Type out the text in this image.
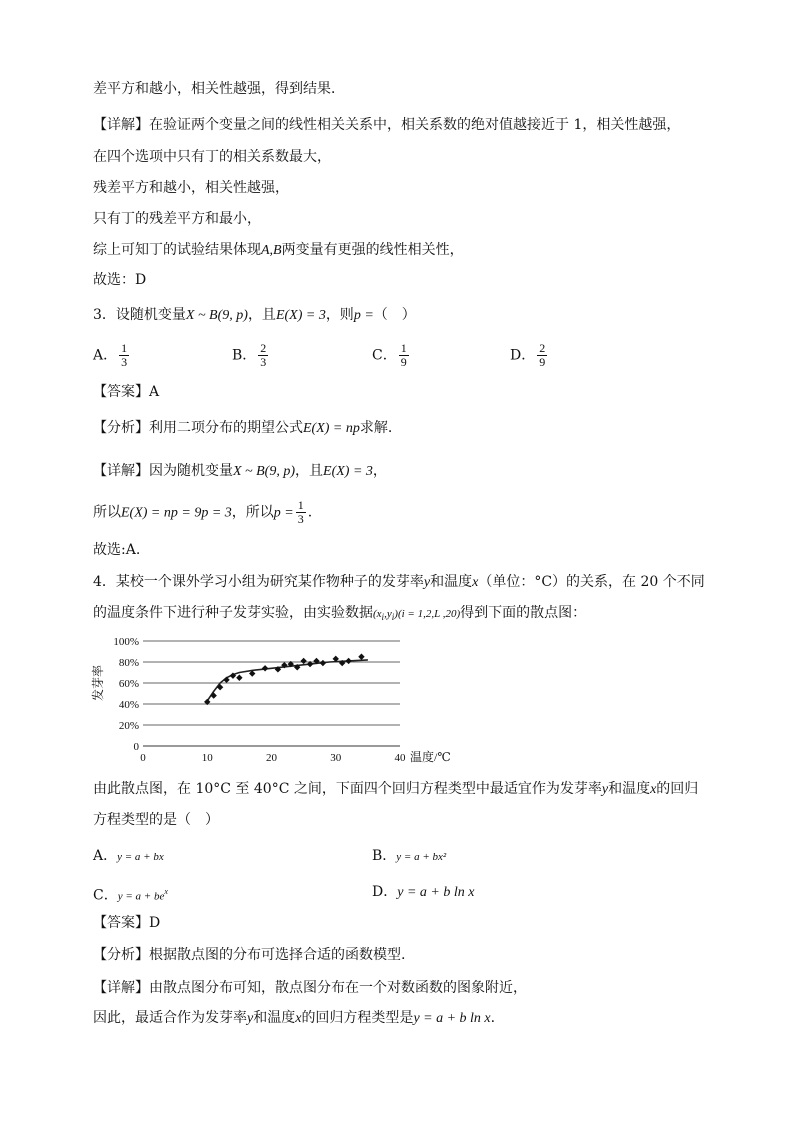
差平方和越小，相关性越强，得到结果．
【详解】在验证两个变量之间的线性相关关系中，相关系数的绝对值越接近于 1，相关性越强，
在四个选项中只有丁的相关系数最大，
残差平方和越小，相关性越强，
只有丁的残差平方和最小，
综上可知丁的试验结果体现A,B两变量有更强的线性相关性，
故选：D
3．设随机变量X ~ B(9, p)，且E(X) = 3，则p =（　）
A． $\frac{1}{3}$	B． $\frac{2}{3}$	C． $\frac{1}{9}$	D． $\frac{2}{9}$
【答案】A
【分析】利用二项分布的期望公式E(X) = np求解.
【详解】因为随机变量X ~ B(9, p)，且E(X) = 3，
所以E(X) = np = 9p = 3，所以$p = \frac{1}{3}$ .
故选:A.
4．某校一个课外学习小组为研究某作物种子的发芽率y和温度x（单位：°C）的关系，在 20 个不同
的温度条件下进行种子发芽实验，由实验数据$(x_i,y_i)(i = 1,2,L$ ,20)得到下面的散点图：
0
20%
40%
60%
80%
100%
0	10	20	30	40
发芽率
温度/℃
由此散点图，在 10°C 至 40°C 之间，下面四个回归方程类型中最适宜作为发芽率y和温度x的回归
方程类型的是（　）
A．y = a + bx	B．y = a + bx²
C．$y = a + be^x$	D．y = a + b ln x
【答案】D
【分析】根据散点图的分布可选择合适的函数模型.
【详解】由散点图分布可知，散点图分布在一个对数函数的图象附近，
因此，最适合作为发芽率y和温度x的回归方程类型是y = a + b ln x.
